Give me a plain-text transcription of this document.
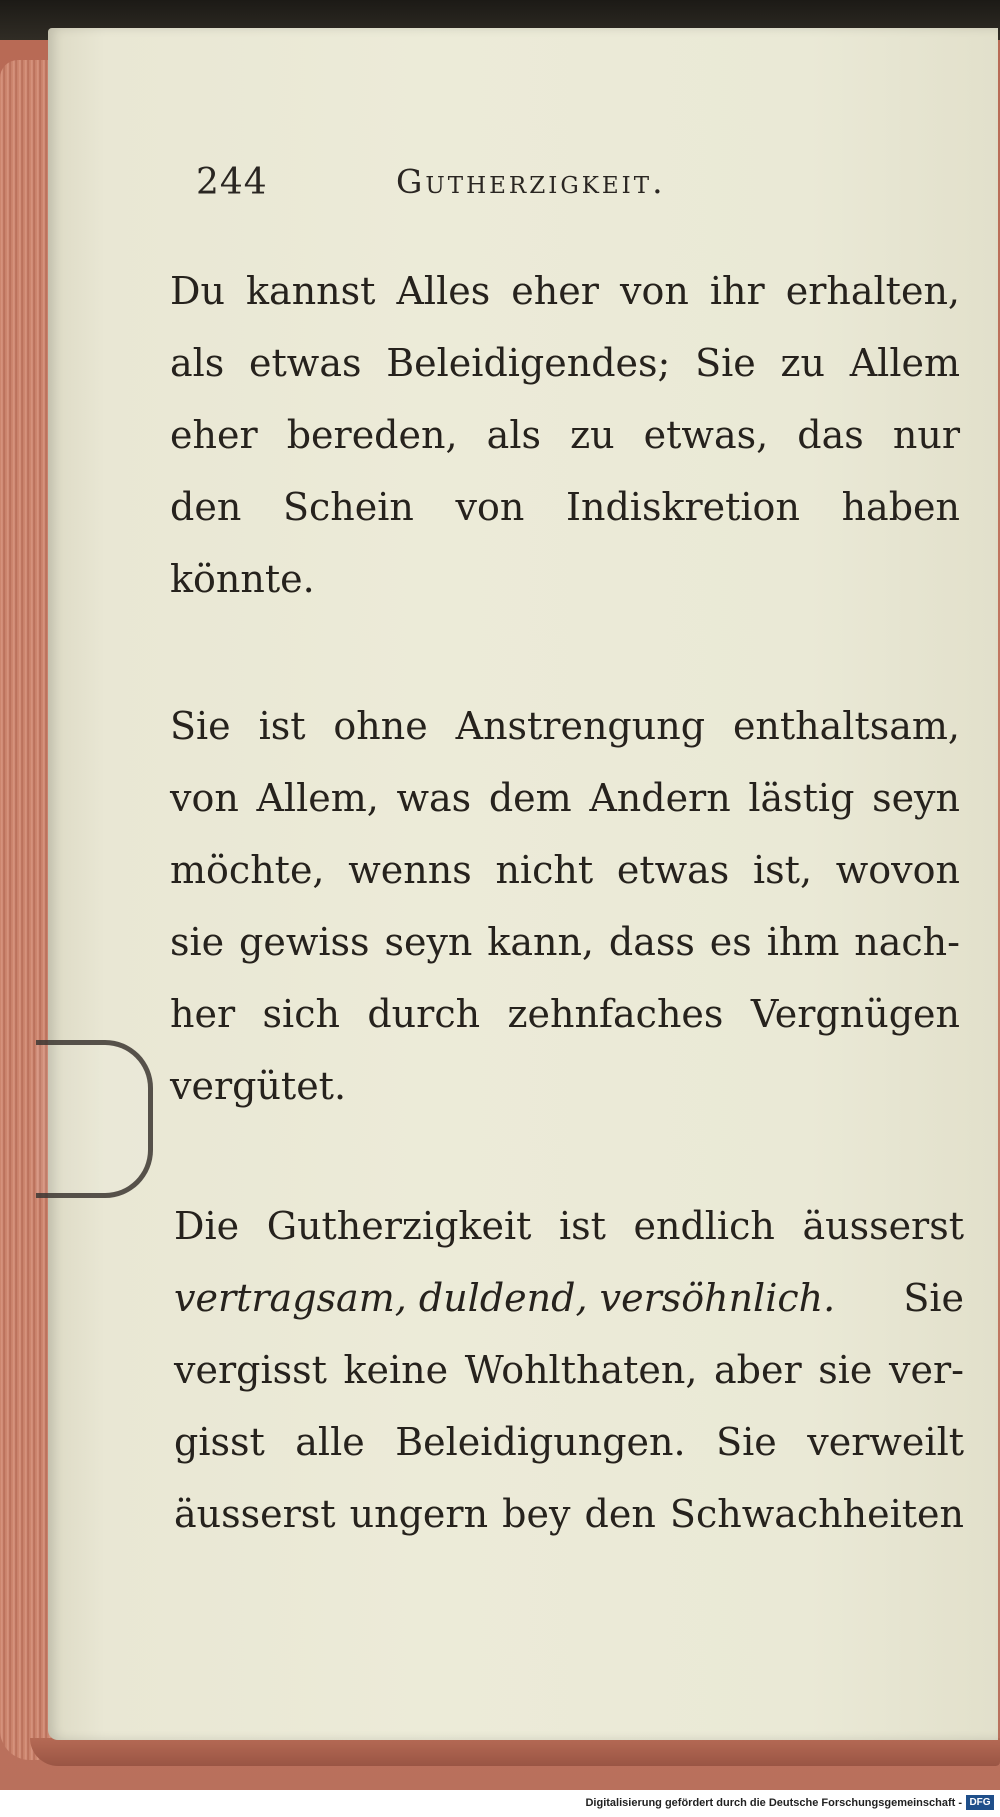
244	Gutherzigkeit.
Du kannst Alles eher von ihr erhalten,
als etwas Beleidigendes; Sie zu Allem
eher bereden, als zu etwas, das nur
den Schein von Indiskretion haben
könnte.
Sie ist ohne Anstrengung enthaltsam,
von Allem, was dem Andern lästig seyn
möchte, wenns nicht etwas ist, wovon
sie gewiss seyn kann, dass es ihm nach-
her sich durch zehnfaches Vergnügen
vergütet.
Die Gutherzigkeit ist endlich äusserst
vertragsam, duldend, versöhnlich. Sie
vergisst keine Wohlthaten, aber sie ver-
gisst alle Beleidigungen. Sie verweilt
äusserst ungern bey den Schwachheiten
Digitalisierung gefördert durch die Deutsche Forschungsgemeinschaft - DFG
